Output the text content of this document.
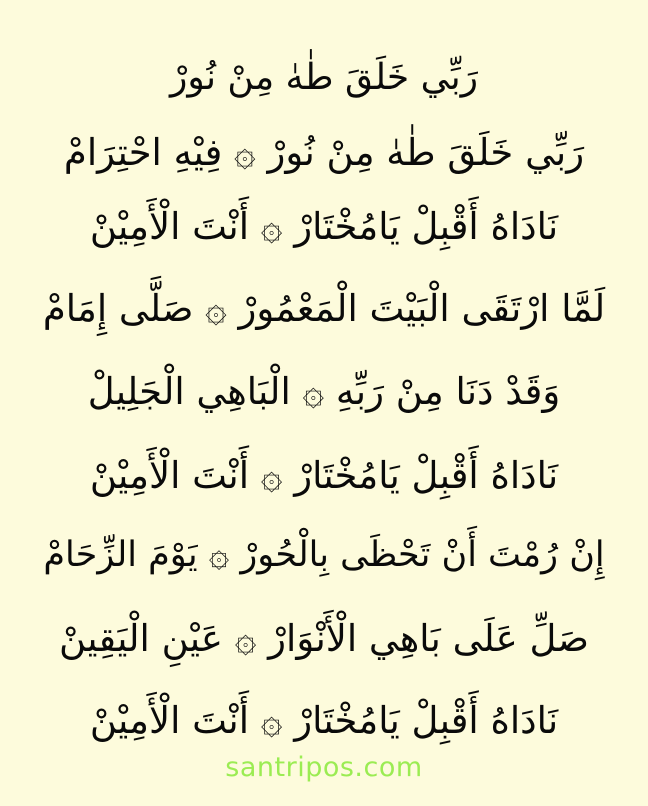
رَبِّي خَلَقَ طٰهٰ مِنْ نُورْ
رَبِّي خَلَقَ طٰهٰ مِنْ نُورْ ۞ فِيْهِ احْتِرَامْ
نَادَاهُ أَقْبِلْ يَامُخْتَارْ ۞ أَنْتَ الْأَمِيْنْ
لَمَّا ارْتَقَى الْبَيْتَ الْمَعْمُورْ ۞ صَلَّى إِمَامْ
وَقَدْ دَنَا مِنْ رَبِّهِ ۞ الْبَاهِي الْجَلِيلْ
نَادَاهُ أَقْبِلْ يَامُخْتَارْ ۞ أَنْتَ الْأَمِيْنْ
إِنْ رُمْتَ أَنْ تَحْظَى بِالْحُورْ ۞ يَوْمَ الزِّحَامْ
صَلِّ عَلَى بَاهِي الْأَنْوَارْ ۞ عَيْنِ الْيَقِينْ
نَادَاهُ أَقْبِلْ يَامُخْتَارْ ۞ أَنْتَ الْأَمِيْنْ
santripos.com
